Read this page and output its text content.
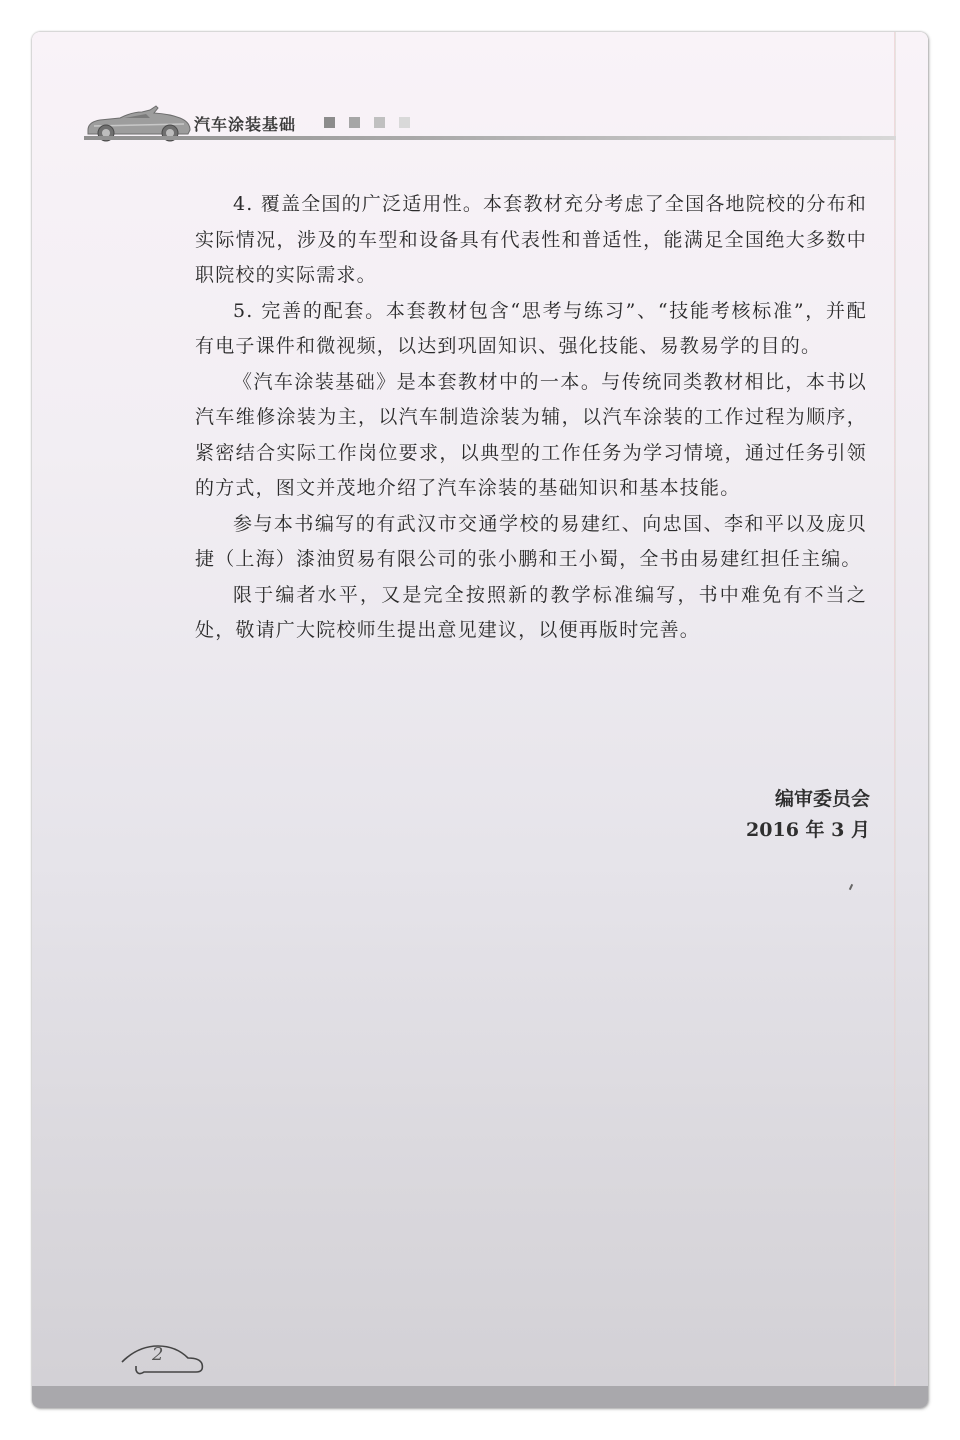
汽车涂装基础

4. 覆盖全国的广泛适用性。本套教材充分考虑了全国各地院校的分布和实际情况，涉及的车型和设备具有代表性和普适性，能满足全国绝大多数中职院校的实际需求。

5. 完善的配套。本套教材包含“思考与练习”、“技能考核标准”，并配有电子课件和微视频，以达到巩固知识、强化技能、易教易学的目的。

《汽车涂装基础》是本套教材中的一本。与传统同类教材相比，本书以汽车维修涂装为主，以汽车制造涂装为辅，以汽车涂装的工作过程为顺序，紧密结合实际工作岗位要求，以典型的工作任务为学习情境，通过任务引领的方式，图文并茂地介绍了汽车涂装的基础知识和基本技能。

参与本书编写的有武汉市交通学校的易建红、向忠国、李和平以及庞贝捷（上海）漆油贸易有限公司的张小鹏和王小蜀，全书由易建红担任主编。

限于编者水平，又是完全按照新的教学标准编写，书中难免有不当之处，敬请广大院校师生提出意见建议，以便再版时完善。

编审委员会
2016 年 3 月
2
